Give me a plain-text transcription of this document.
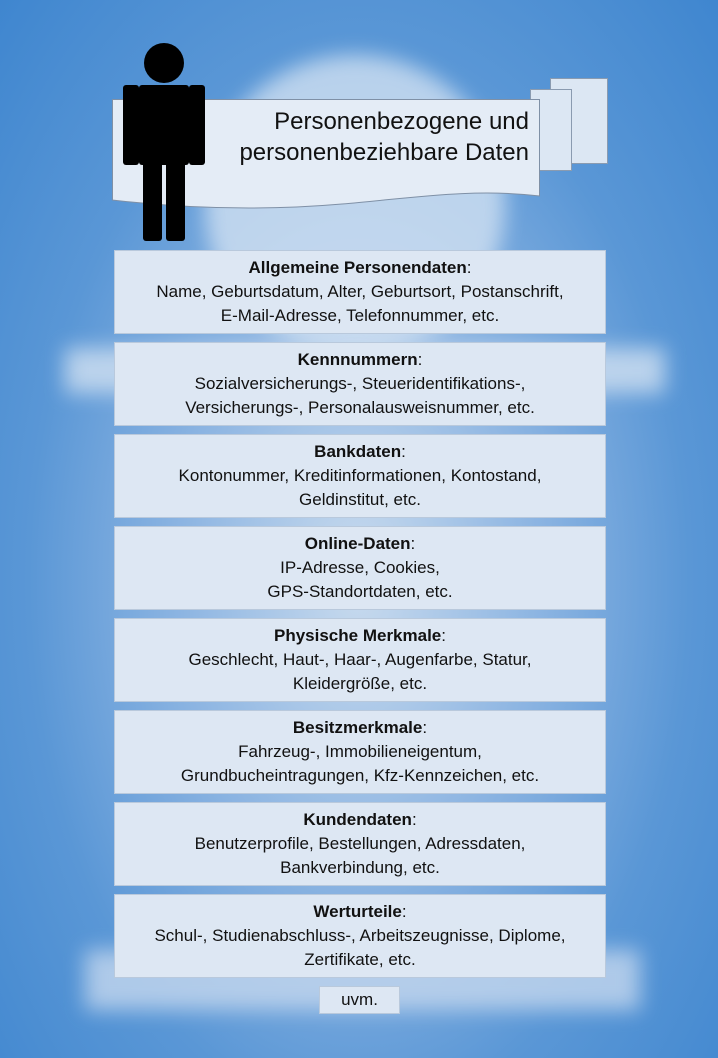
Personenbezogene und
personenbeziehbare Daten
Allgemeine Personendaten:
Name, Geburtsdatum, Alter, Geburtsort, Postanschrift,
E-Mail-Adresse, Telefonnummer, etc.
Kennnummern:
Sozialversicherungs-, Steueridentifikations-,
Versicherungs-, Personalausweisnummer, etc.
Bankdaten:
Kontonummer, Kreditinformationen, Kontostand,
Geldinstitut, etc.
Online-Daten:
IP-Adresse, Cookies,
GPS-Standortdaten, etc.
Physische Merkmale:
Geschlecht, Haut-, Haar-, Augenfarbe, Statur,
Kleidergröße, etc.
Besitzmerkmale:
Fahrzeug-, Immobilieneigentum,
Grundbucheintragungen, Kfz-Kennzeichen, etc.
Kundendaten:
Benutzerprofile, Bestellungen, Adressdaten,
Bankverbindung, etc.
Werturteile:
Schul-, Studienabschluss-, Arbeitszeugnisse, Diplome,
Zertifikate, etc.
uvm.
